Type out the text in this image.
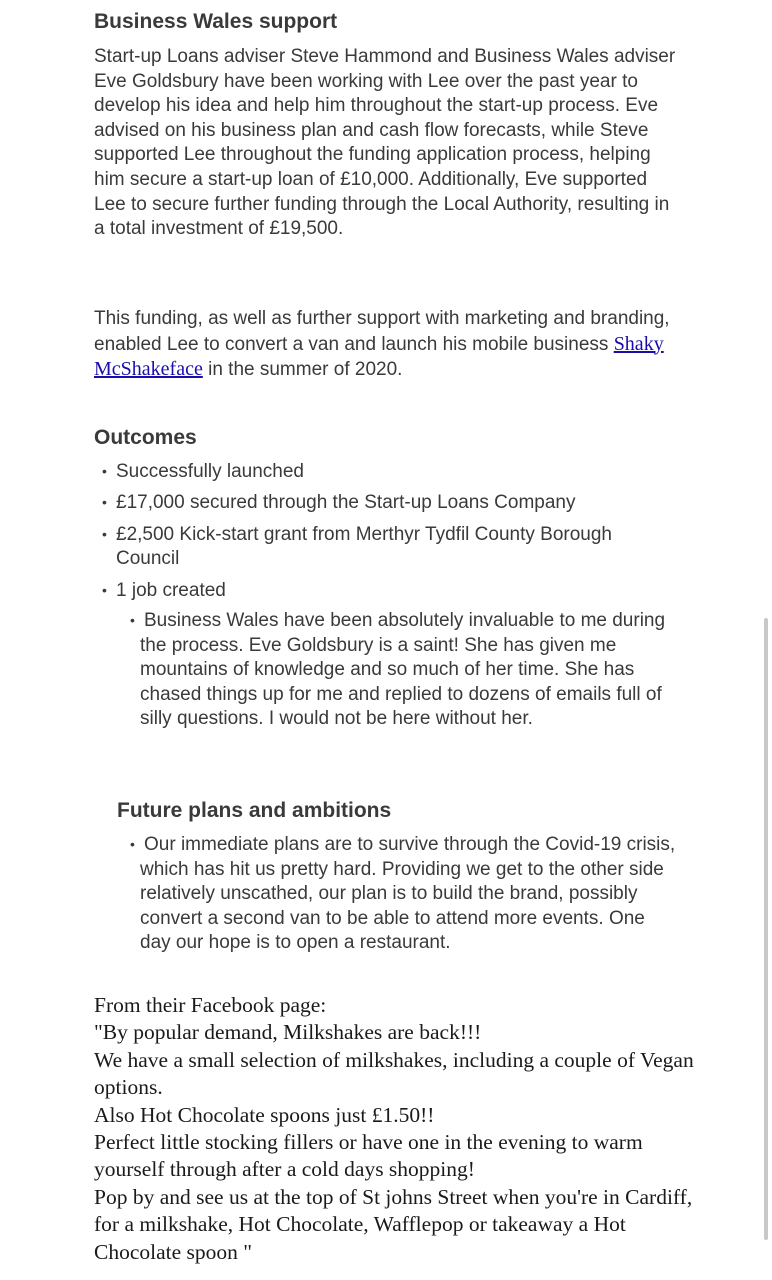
Business Wales support

Start-up Loans adviser Steve Hammond and Business Wales adviser Eve Goldsbury have been working with Lee over the past year to develop his idea and help him throughout the start-up process. Eve advised on his business plan and cash flow forecasts, while Steve supported Lee throughout the funding application process, helping him secure a start-up loan of £10,000. Additionally, Eve supported Lee to secure further funding through the Local Authority, resulting in a total investment of £19,500.

This funding, as well as further support with marketing and branding, enabled Lee to convert a van and launch his mobile business Shaky McShakeface in the summer of 2020.

Outcomes
• Successfully launched
• £17,000 secured through the Start-up Loans Company
• £2,500 Kick-start grant from Merthyr Tydfil County Borough Council
• 1 job created
• Business Wales have been absolutely invaluable to me during the process. Eve Goldsbury is a saint! She has given me mountains of knowledge and so much of her time. She has chased things up for me and replied to dozens of emails full of silly questions. I would not be here without her.
Future plans and ambitions
• Our immediate plans are to survive through the Covid-19 crisis, which has hit us pretty hard. Providing we get to the other side relatively unscathed, our plan is to build the brand, possibly convert a second van to be able to attend more events. One day our hope is to open a restaurant.

From their Facebook page:
"By popular demand, Milkshakes are back!!!
We have a small selection of milkshakes, including a couple of Vegan options.
Also Hot Chocolate spoons just £1.50!!
Perfect little stocking fillers or have one in the evening to warm yourself through after a cold days shopping!
Pop by and see us at the top of St johns Street when you're in Cardiff, for a milkshake, Hot Chocolate, Wafflepop or takeaway a Hot Chocolate spoon "
